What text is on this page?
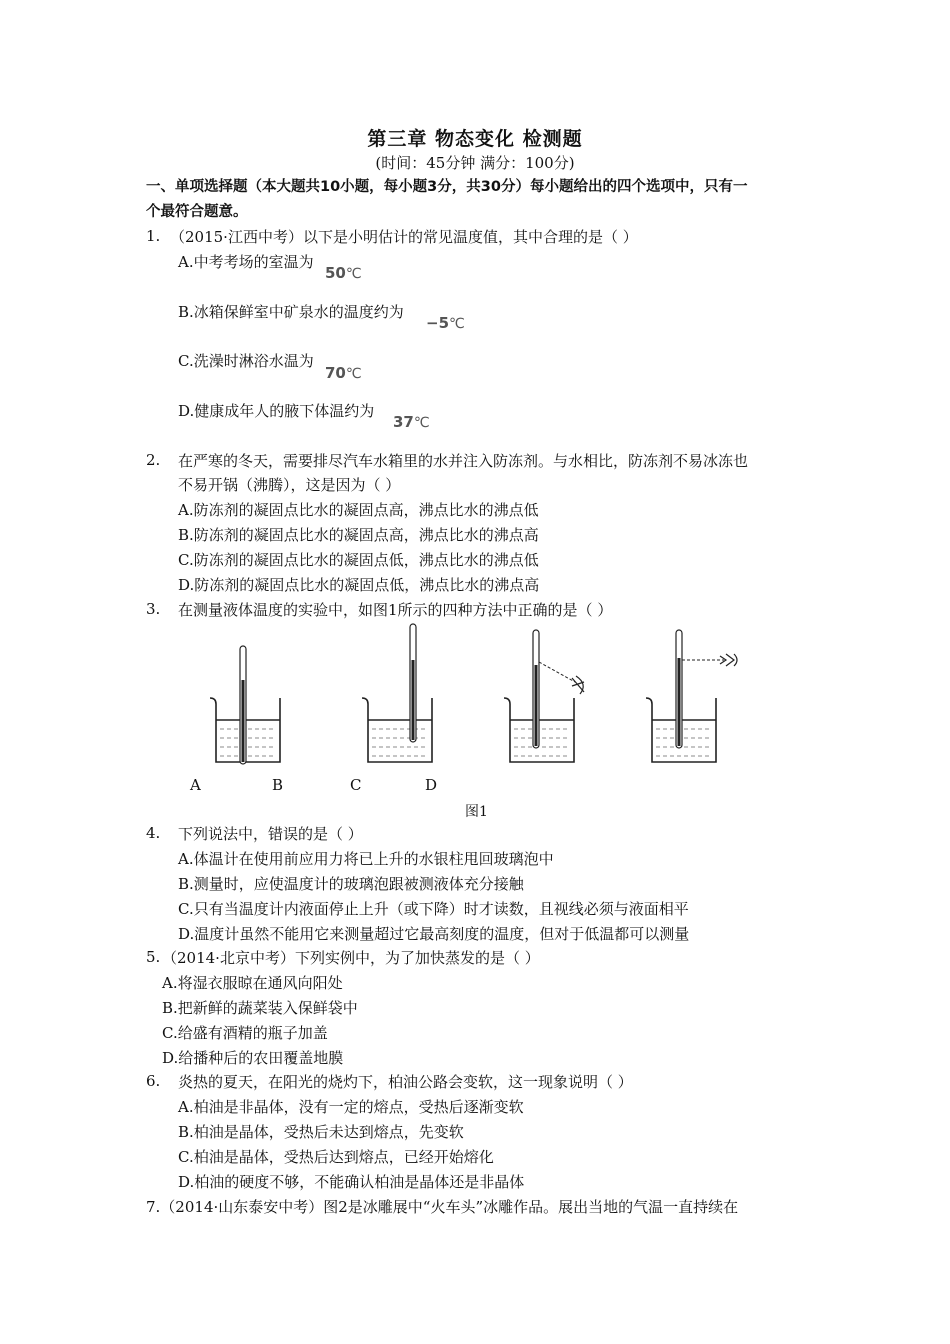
第三章 物态变化 检测题
(时间：45分钟 满分：100分)
一、单项选择题（本大题共10小题，每小题3分，共30分）每小题给出的四个选项中，只有一
个最符合题意。
1. （2015·江西中考）以下是小明估计的常见温度值，其中合理的是（ ）
A.中考考场的室温为
50℃
B.冰箱保鲜室中矿泉水的温度约为
−5℃
C.洗澡时淋浴水温为
70℃
D.健康成年人的腋下体温约为
37℃
2. 在严寒的冬天，需要排尽汽车水箱里的水并注入防冻剂。与水相比，防冻剂不易冰冻也
不易开锅（沸腾），这是因为（ ）
A.防冻剂的凝固点比水的凝固点高，沸点比水的沸点低
B.防冻剂的凝固点比水的凝固点高，沸点比水的沸点高
C.防冻剂的凝固点比水的凝固点低，沸点比水的沸点低
D.防冻剂的凝固点比水的凝固点低，沸点比水的沸点高
3. 在测量液体温度的实验中，如图1所示的四种方法中正确的是（ ）
A	B	C	D
图1
4. 下列说法中，错误的是（ ）
A.体温计在使用前应用力将已上升的水银柱甩回玻璃泡中
B.测量时，应使温度计的玻璃泡跟被测液体充分接触
C.只有当温度计内液面停止上升（或下降）时才读数，且视线必须与液面相平
D.温度计虽然不能用它来测量超过它最高刻度的温度，但对于低温都可以测量
5. （2014·北京中考）下列实例中，为了加快蒸发的是（ ）
A.将湿衣服晾在通风向阳处
B.把新鲜的蔬菜装入保鲜袋中
C.给盛有酒精的瓶子加盖
D.给播种后的农田覆盖地膜
6. 炎热的夏天，在阳光的烧灼下，柏油公路会变软，这一现象说明（ ）
A.柏油是非晶体，没有一定的熔点，受热后逐渐变软
B.柏油是晶体，受热后未达到熔点，先变软
C.柏油是晶体，受热后达到熔点，已经开始熔化
D.柏油的硬度不够，不能确认柏油是晶体还是非晶体
7.（2014·山东泰安中考）图2是冰雕展中“火车头”冰雕作品。展出当地的气温一直持续在
